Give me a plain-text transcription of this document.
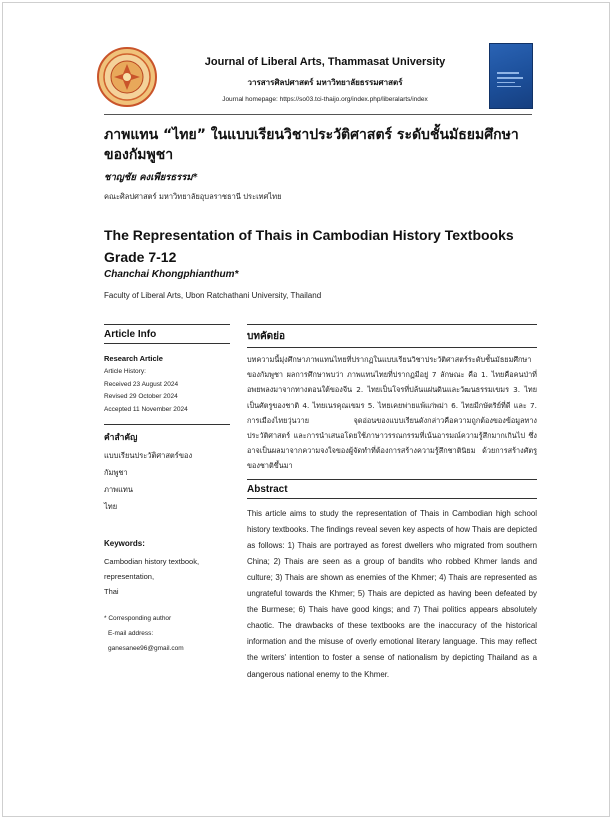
Journal of Liberal Arts, Thammasat University
วารสารศิลปศาสตร์ มหาวิทยาลัยธรรมศาสตร์
Journal homepage: https://so03.tci-thaijo.org/index.php/liberalarts/index
ภาพแทน “ไทย” ในแบบเรียนวิชาประวัติศาสตร์ ระดับชั้นมัธยมศึกษาของกัมพูชา
ชาญชัย คงเพียรธรรม*
คณะศิลปศาสตร์ มหาวิทยาลัยอุบลราชธานี ประเทศไทย
The Representation of Thais in Cambodian History Textbooks Grade 7-12
Chanchai Khongphianthum*
Faculty of Liberal Arts, Ubon Ratchathani University, Thailand
Article Info
Research Article
Article History:
Received 23 August 2024
Revised 29 October 2024
Accepted 11 November 2024
คำสำคัญ
แบบเรียนประวัติศาสตร์ของ
กัมพูชา
ภาพแทน
ไทย
Keywords:
Cambodian history textbook,
representation,
Thai
* Corresponding author
E-mail address:
ganesanee96@gmail.com
บทคัดย่อ
บทความนี้มุ่งศึกษาภาพแทนไทยที่ปรากฏในแบบเรียนวิชาประวัติศาสตร์ระดับชั้นมัธยมศึกษาของกัมพูชา ผลการศึกษาพบว่า ภาพแทนไทยที่ปรากฏมีอยู่ 7 ลักษณะ คือ 1. ไทยคือคนป่าที่อพยพลงมาจากทางตอนใต้ของจีน 2. ไทยเป็นโจรที่ปล้นแผ่นดินและวัฒนธรรมเขมร 3. ไทยเป็นศัตรูของชาติ 4. ไทยเนรคุณเขมร 5. ไทยเคยพ่ายแพ้แก่พม่า 6. ไทยมีกษัตริย์ที่ดี และ 7. การเมืองไทยวุ่นวาย จุดอ่อนของแบบเรียนดังกล่าวคือความถูกต้องของข้อมูลทางประวัติศาสตร์ และการนำเสนอโดยใช้ภาษาวรรณกรรมที่เน้นอารมณ์ความรู้สึกมากเกินไป ซึ่งอาจเป็นผลมาจากความจงใจของผู้จัดทำที่ต้องการสร้างความรู้สึกชาตินิยม ด้วยการสร้างศัตรูของชาติขึ้นมา
Abstract
This article aims to study the representation of Thais in Cambodian high school history textbooks. The findings reveal seven key aspects of how Thais are depicted as follows: 1) Thais are portrayed as forest dwellers who migrated from southern China; 2) Thais are seen as a group of bandits who robbed Khmer lands and culture; 3) Thais are shown as enemies of the Khmer; 4) Thais are represented as ungrateful towards the Khmer; 5) Thais are depicted as having been defeated by the Burmese; 6) Thais have good kings; and 7) Thai politics appears absolutely chaotic. The drawbacks of these textbooks are the inaccuracy of the historical information and the misuse of overly emotional literary language. This may reflect the writers' intention to foster a sense of nationalism by depicting Thailand as a dangerous national enemy to the Khmer.
